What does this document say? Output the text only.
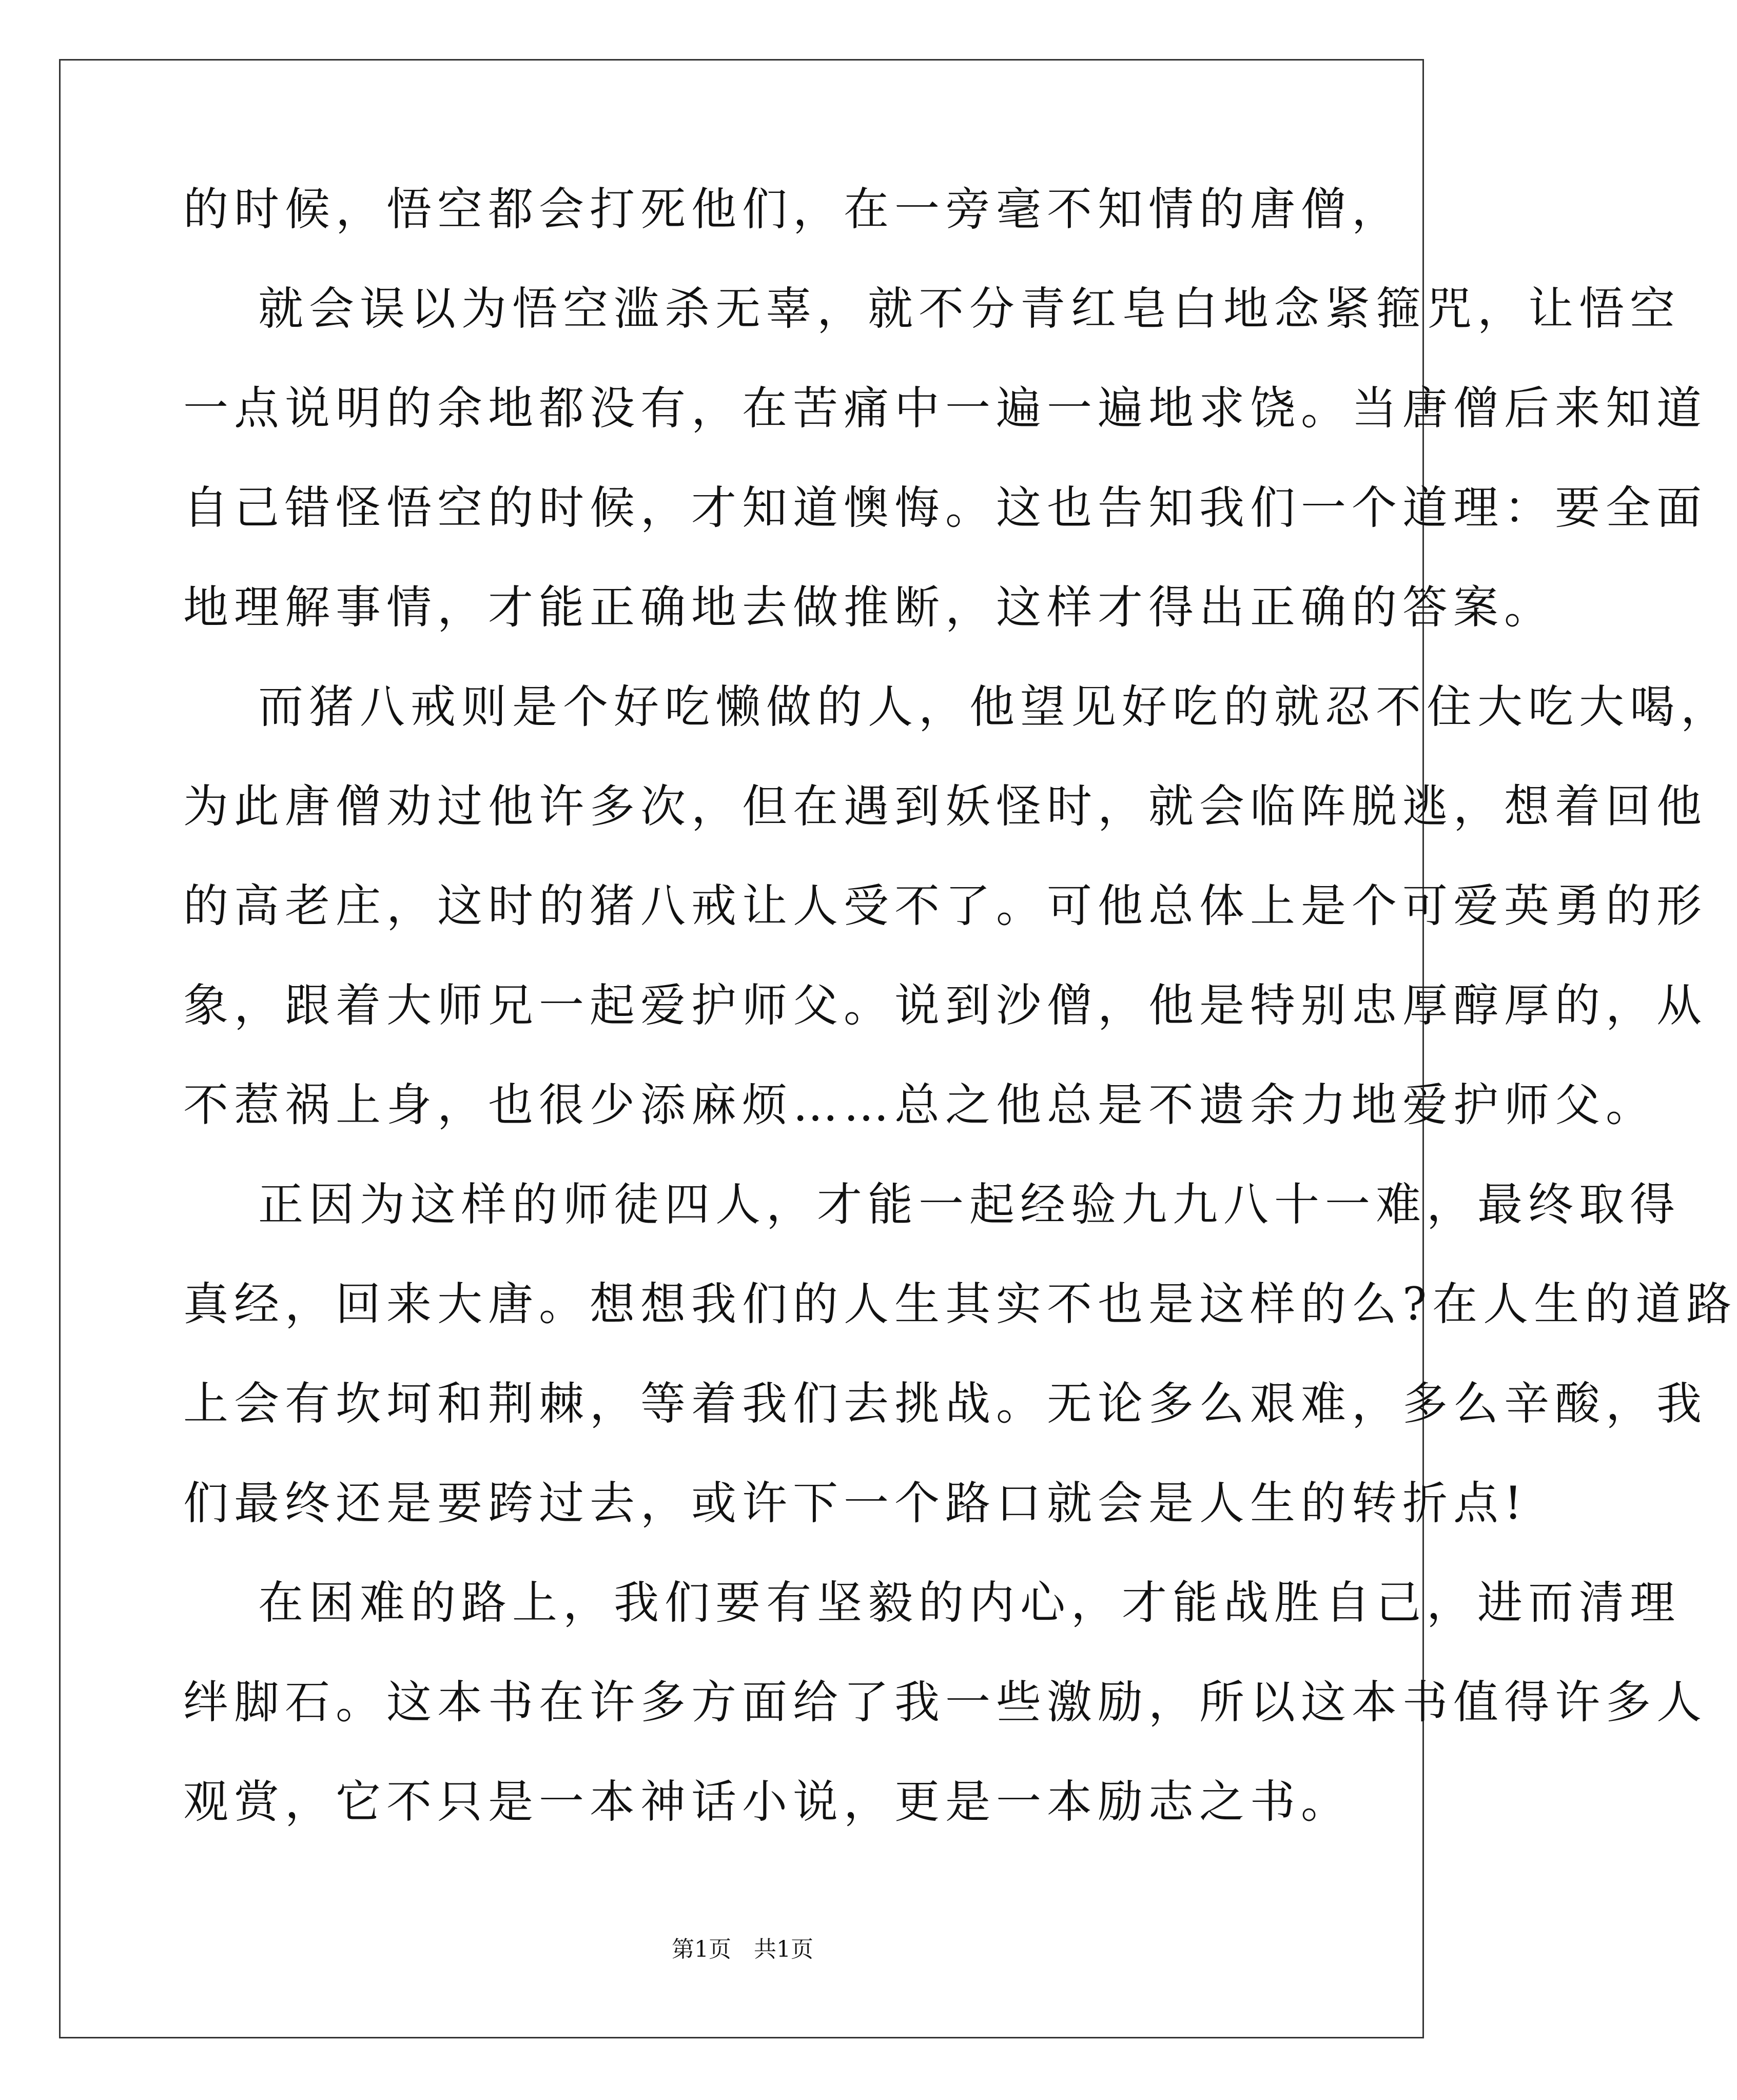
的时候，悟空都会打死他们，在一旁毫不知情的唐僧，
就会误以为悟空滥杀无辜，就不分青红皂白地念紧箍咒，让悟空
一点说明的余地都没有，在苦痛中一遍一遍地求饶。当唐僧后来知道
自己错怪悟空的时候，才知道懊悔。这也告知我们一个道理：要全面
地理解事情，才能正确地去做推断，这样才得出正确的答案。
而猪八戒则是个好吃懒做的人，他望见好吃的就忍不住大吃大喝，
为此唐僧劝过他许多次，但在遇到妖怪时，就会临阵脱逃，想着回他
的高老庄，这时的猪八戒让人受不了。可他总体上是个可爱英勇的形
象，跟着大师兄一起爱护师父。说到沙僧，他是特别忠厚醇厚的，从
不惹祸上身，也很少添麻烦……总之他总是不遗余力地爱护师父。
正因为这样的师徒四人，才能一起经验九九八十一难，最终取得
真经，回来大唐。想想我们的人生其实不也是这样的么?在人生的道路
上会有坎坷和荆棘，等着我们去挑战。无论多么艰难，多么辛酸，我
们最终还是要跨过去，或许下一个路口就会是人生的转折点!
在困难的路上，我们要有坚毅的内心，才能战胜自己，进而清理
绊脚石。这本书在许多方面给了我一些激励，所以这本书值得许多人
观赏，它不只是一本神话小说，更是一本励志之书。
第1页　共1页
